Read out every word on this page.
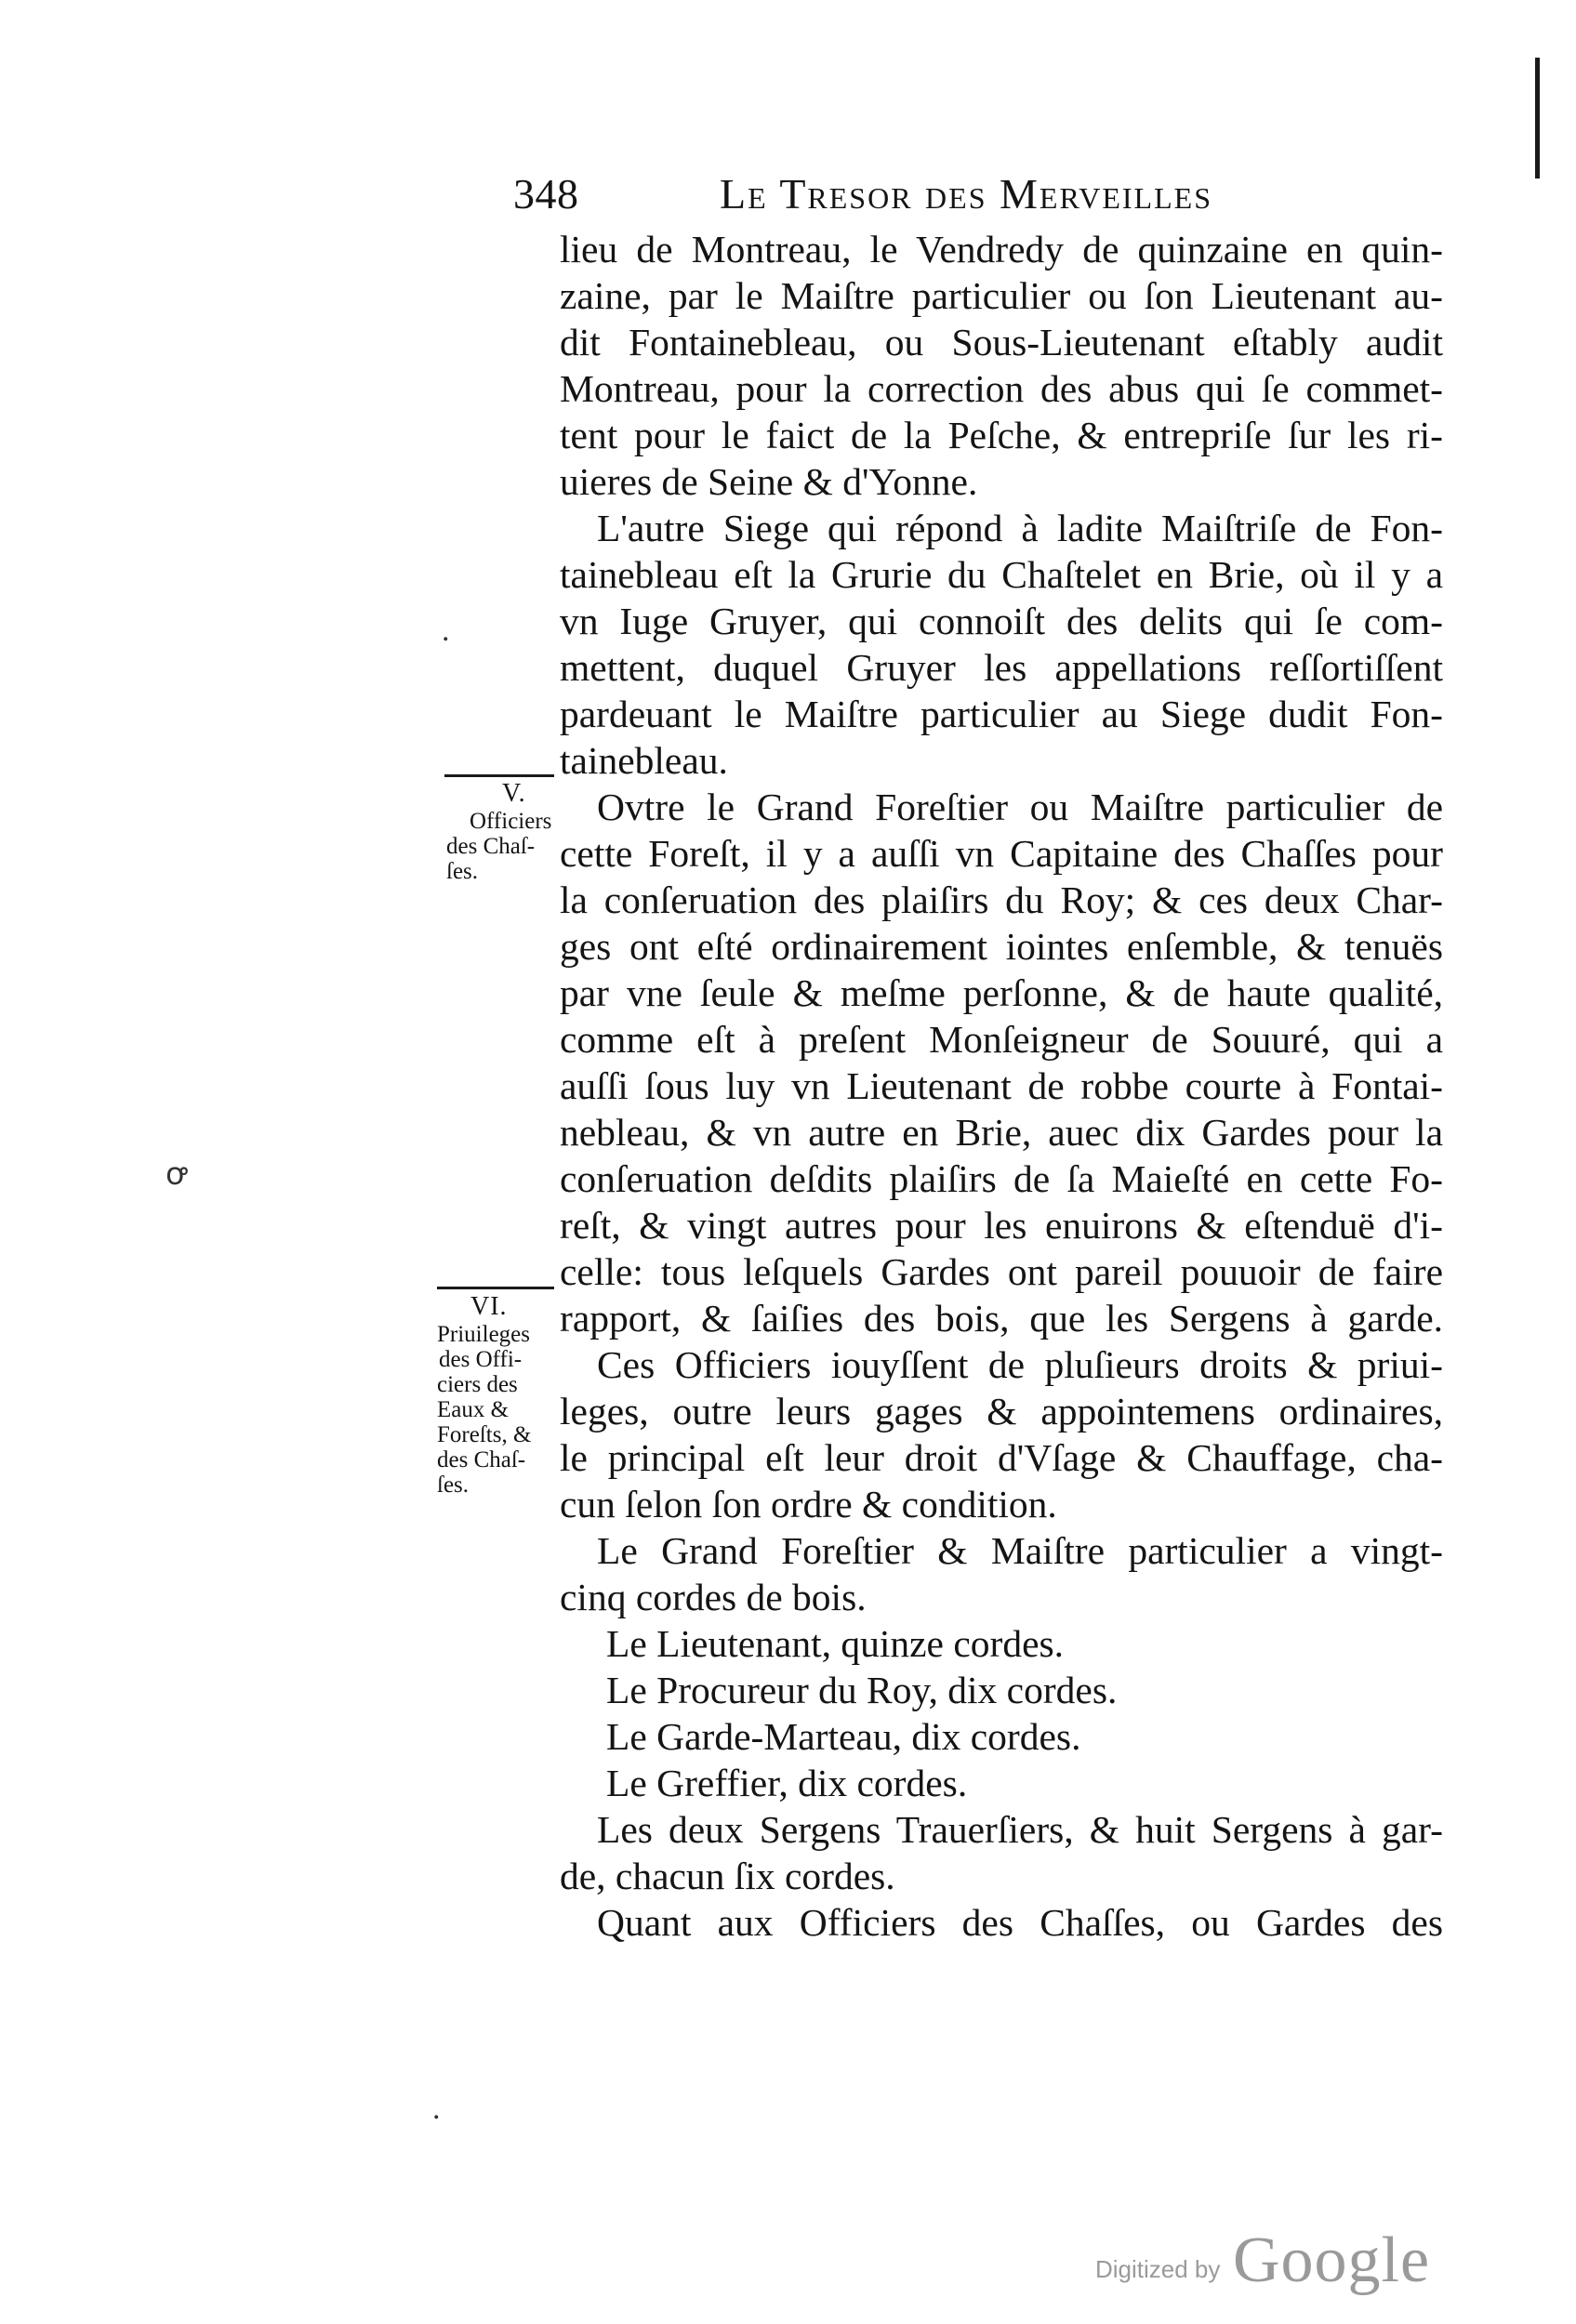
348	Le Tresor des Merveilles
lieu de Montreau, le Vendredy de quinzaine en quin-
zaine, par le Maiſtre particulier ou ſon Lieutenant au-
dit Fontainebleau, ou Sous-Lieutenant eſtably audit
Montreau, pour la correction des abus qui ſe commet-
tent pour le faict de la Peſche, & entrepriſe ſur les ri-
uieres de Seine & d'Yonne.
L'autre Siege qui répond à ladite Maiſtriſe de Fon-
tainebleau eſt la Grurie du Chaſtelet en Brie, où il y a
vn Iuge Gruyer, qui connoiſt des delits qui ſe com-
mettent, duquel Gruyer les appellations reſſortiſſent
pardeuant le Maiſtre particulier au Siege dudit Fon-
tainebleau.
Ovtre le Grand Foreſtier ou Maiſtre particulier de
cette Foreſt, il y a auſſi vn Capitaine des Chaſſes pour
la conſeruation des plaiſirs du Roy; & ces deux Char-
ges ont eſté ordinairement iointes enſemble, & tenuës
par vne ſeule & meſme perſonne, & de haute qualité,
comme eſt à preſent Monſeigneur de Souuré, qui a
auſſi ſous luy vn Lieutenant de robbe courte à Fontai-
nebleau, & vn autre en Brie, auec dix Gardes pour la
conſeruation deſdits plaiſirs de ſa Maieſté en cette Fo-
reſt, & vingt autres pour les enuirons & eſtenduë d'i-
celle: tous leſquels Gardes ont pareil pouuoir de faire
rapport, & ſaiſies des bois, que les Sergens à garde.
Ces Officiers iouyſſent de pluſieurs droits & priui-
leges, outre leurs gages & appointemens ordinaires,
le principal eſt leur droit d'Vſage & Chauffage, cha-
cun ſelon ſon ordre & condition.
Le Grand Foreſtier & Maiſtre particulier a vingt-
cinq cordes de bois.
Le Lieutenant, quinze cordes.
Le Procureur du Roy, dix cordes.
Le Garde-Marteau, dix cordes.
Le Greffier, dix cordes.
Les deux Sergens Trauerſiers, & huit Sergens à gar-
de, chacun ſix cordes.
Quant aux Officiers des Chaſſes, ou Gardes des
V.
Officiers
des Chaſ-
ſes.
VI.
Priuileges
des Offi-
ciers des
Eaux &
Foreſts, &
des Chaſ-
ſes.
.
ꝍ
.
Digitized by Google
